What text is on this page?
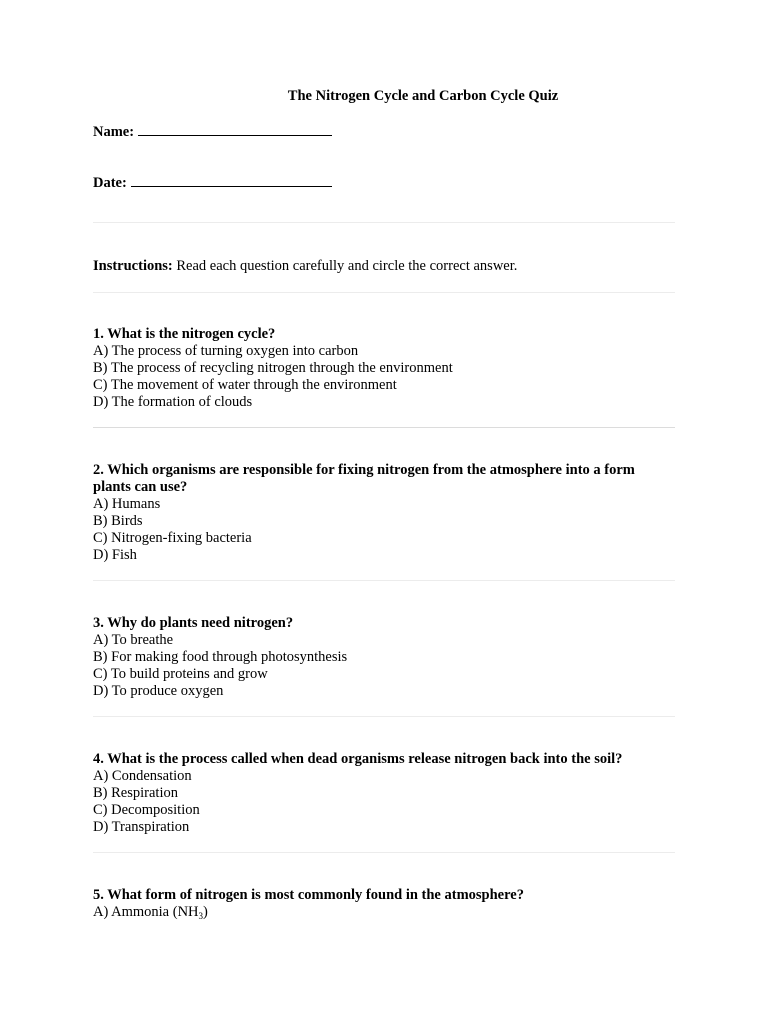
The Nitrogen Cycle and Carbon Cycle Quiz
Name:
Date:
Instructions: Read each question carefully and circle the correct answer.
1. What is the nitrogen cycle?
A) The process of turning oxygen into carbon
B) The process of recycling nitrogen through the environment
C) The movement of water through the environment
D) The formation of clouds
2. Which organisms are responsible for fixing nitrogen from the atmosphere into a form plants can use?
A) Humans
B) Birds
C) Nitrogen-fixing bacteria
D) Fish
3. Why do plants need nitrogen?
A) To breathe
B) For making food through photosynthesis
C) To build proteins and grow
D) To produce oxygen
4. What is the process called when dead organisms release nitrogen back into the soil?
A) Condensation
B) Respiration
C) Decomposition
D) Transpiration
5. What form of nitrogen is most commonly found in the atmosphere?
A) Ammonia $(NH_3)$
